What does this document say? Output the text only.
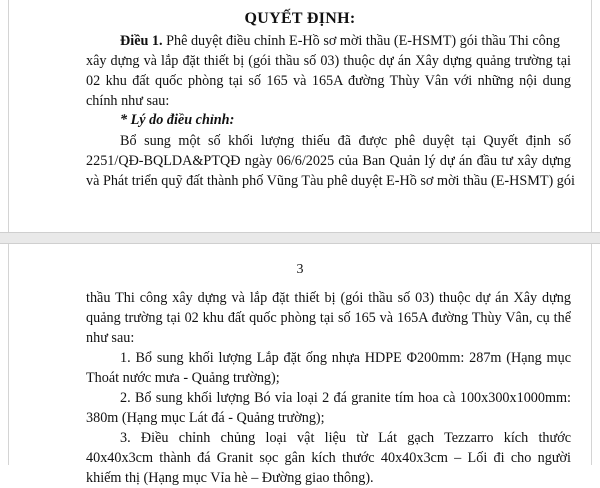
QUYẾT ĐỊNH:
Điều 1. Phê duyệt điều chỉnh E-Hồ sơ mời thầu (E-HSMT) gói thầu Thi công
xây dựng và lắp đặt thiết bị (gói thầu số 03) thuộc dự án Xây dựng quảng trường tại
02 khu đất quốc phòng tại số 165 và 165A đường Thùy Vân với những nội dung
chính như sau:
* Lý do điều chỉnh:
Bổ sung một số khối lượng thiếu đã được phê duyệt tại Quyết định số
2251/QĐ-BQLDA&PTQĐ ngày 06/6/2025 của Ban Quản lý dự án đầu tư xây dựng
và Phát triển quỹ đất thành phố Vũng Tàu phê duyệt E-Hồ sơ mời thầu (E-HSMT) gói
3
thầu Thi công xây dựng và lắp đặt thiết bị (gói thầu số 03) thuộc dự án Xây dựng
quảng trường tại 02 khu đất quốc phòng tại số 165 và 165A đường Thùy Vân, cụ thể
như sau:
1. Bổ sung khối lượng Lắp đặt ống nhựa HDPE Φ200mm: 287m (Hạng mục
Thoát nước mưa - Quảng trường);
2. Bổ sung khối lượng Bó vỉa loại 2 đá granite tím hoa cà 100x300x1000mm:
380m (Hạng mục Lát đá - Quảng trường);
3. Điều chỉnh chủng loại vật liệu từ Lát gạch Tezzarro kích thước
40x40x3cm thành đá Granit sọc gân kích thước 40x40x3cm – Lối đi cho người
khiếm thị (Hạng mục Vỉa hè – Đường giao thông).
